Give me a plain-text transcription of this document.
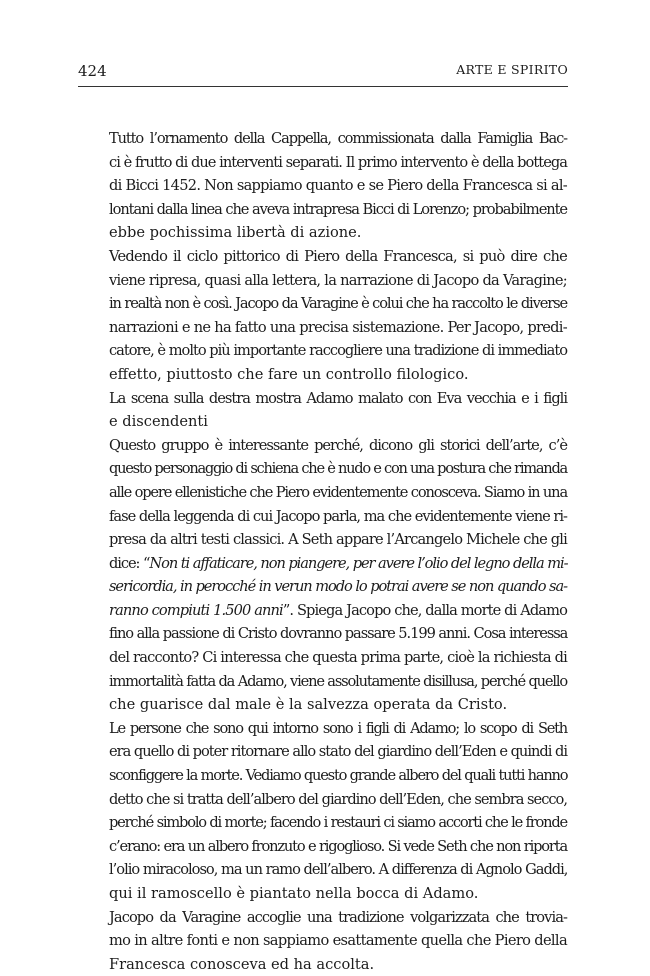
424	ARTE E SPIRITO

Tutto l’ornamento della Cappella, commissionata dalla Famiglia Bac-
ci è frutto di due interventi separati. Il primo intervento è della bottega
di Bicci 1452. Non sappiamo quanto e se Piero della Francesca si al-
lontani dalla linea che aveva intrapresa Bicci di Lorenzo; probabilmente
ebbe pochissima libertà di azione.

Vedendo il ciclo pittorico di Piero della Francesca, si può dire che
viene ripresa, quasi alla lettera, la narrazione di Jacopo da Varagine;
in realtà non è così. Jacopo da Varagine è colui che ha raccolto le diverse
narrazioni e ne ha fatto una precisa sistemazione. Per Jacopo, predi-
catore, è molto più importante raccogliere una tradizione di immediato
effetto, piuttosto che fare un controllo filologico.

La scena sulla destra mostra Adamo malato con Eva vecchia e i figli
e discendenti

Questo gruppo è interessante perché, dicono gli storici dell’arte, c’è
questo personaggio di schiena che è nudo e con una postura che rimanda
alle opere ellenistiche che Piero evidentemente conosceva. Siamo in una
fase della leggenda di cui Jacopo parla, ma che evidentemente viene ri-
presa da altri testi classici. A Seth appare l’Arcangelo Michele che gli
dice: “Non ti affaticare, non piangere, per avere l’olio del legno della mi-
sericordia, in perocché in verun modo lo potrai avere se non quando sa-
ranno compiuti 1.500 anni”. Spiega Jacopo che, dalla morte di Adamo
fino alla passione di Cristo dovranno passare 5.199 anni. Cosa interessa
del racconto? Ci interessa che questa prima parte, cioè la richiesta di
immortalità fatta da Adamo, viene assolutamente disillusa, perché quello
che guarisce dal male è la salvezza operata da Cristo.

Le persone che sono qui intorno sono i figli di Adamo; lo scopo di Seth
era quello di poter ritornare allo stato del giardino dell’Eden e quindi di
sconfiggere la morte. Vediamo questo grande albero del quali tutti hanno
detto che si tratta dell’albero del giardino dell’Eden, che sembra secco,
perché simbolo di morte; facendo i restauri ci siamo accorti che le fronde
c’erano: era un albero fronzuto e rigoglioso. Si vede Seth che non riporta
l’olio miracoloso, ma un ramo dell’albero. A differenza di Agnolo Gaddi,
qui il ramoscello è piantato nella bocca di Adamo.

Jacopo da Varagine accoglie una tradizione volgarizzata che trovia-
mo in altre fonti e non sappiamo esattamente quella che Piero della
Francesca conosceva ed ha accolta.
